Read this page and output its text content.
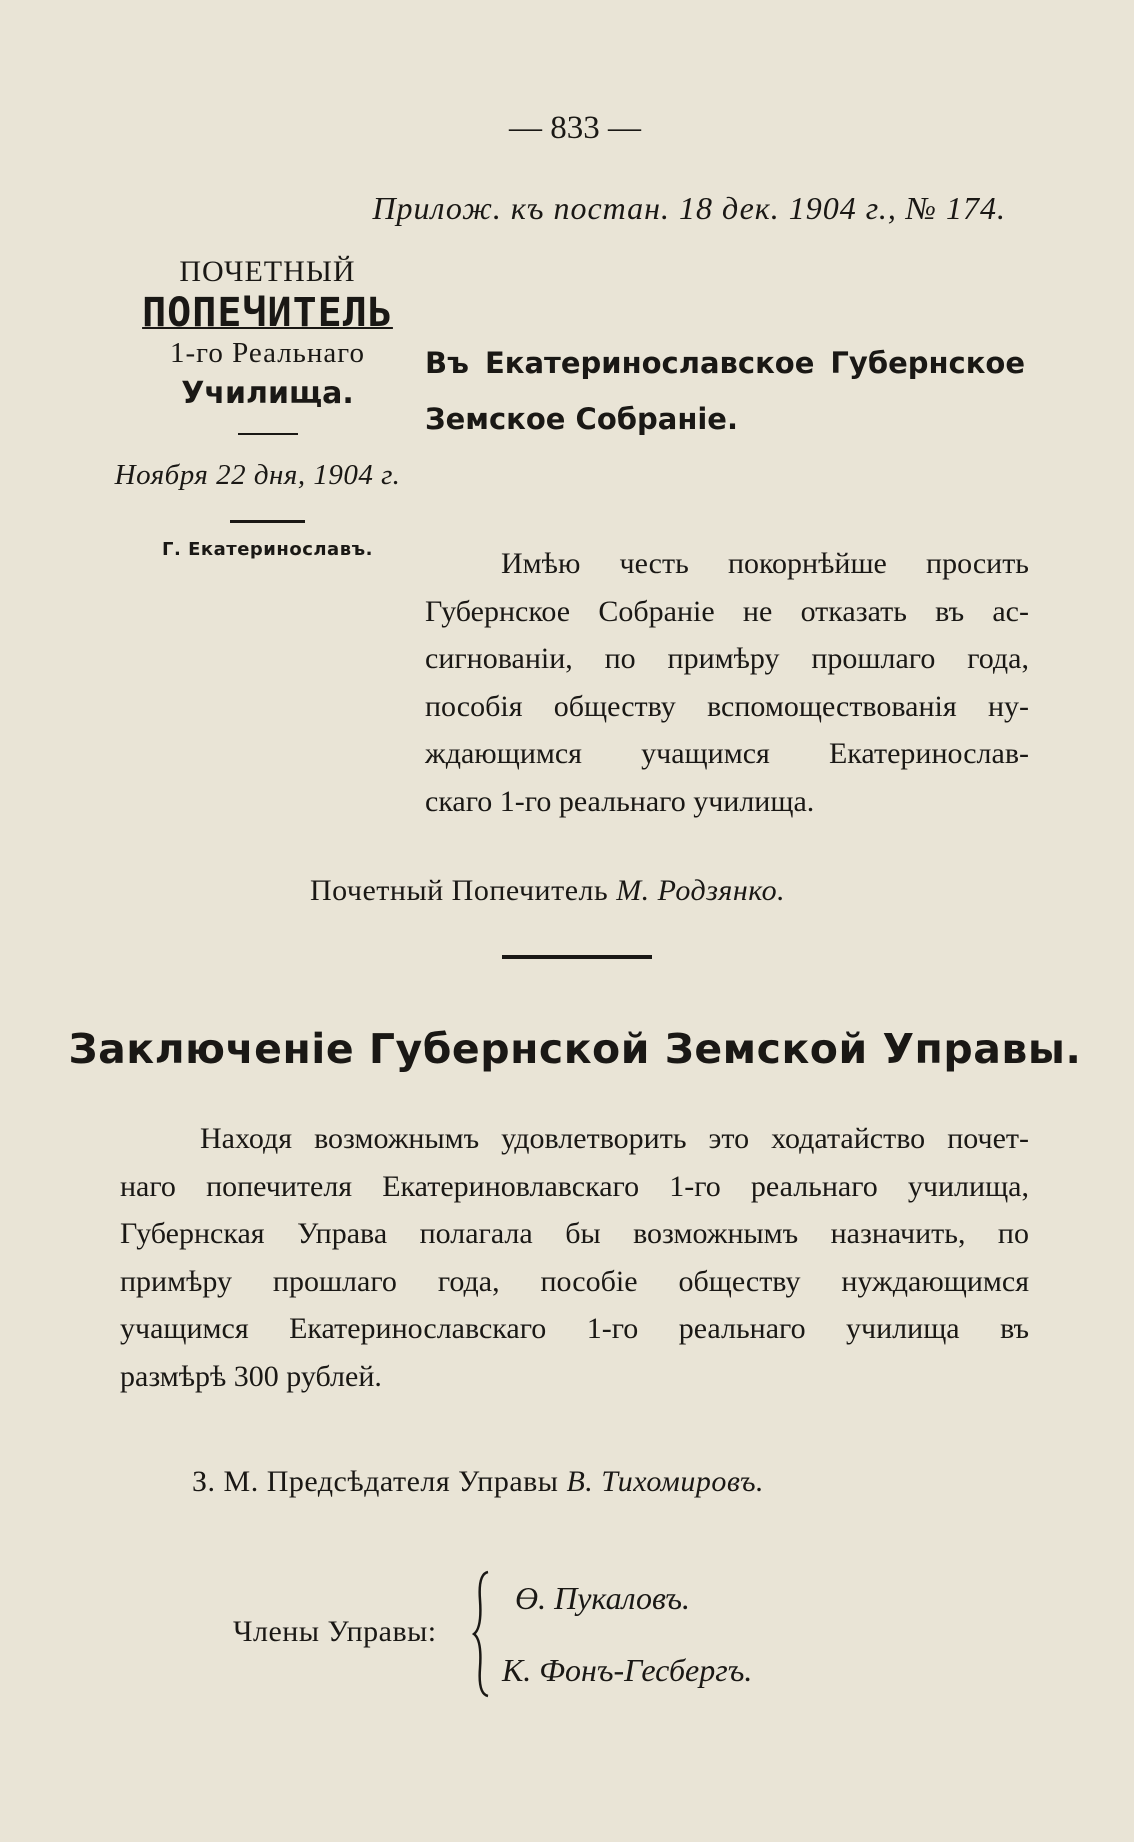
— 833 —
Прилож. къ постан. 18 дек. 1904 г., № 174.
ПОЧЕТНЫЙ
ПОПЕЧИТЕЛЬ
1-го Реальнаго
Училища.
Ноября 22 дня, 1904 г.
Г. Екатеринославъ.
Въ Екатеринославское Губернское
Земское Собраніе.
Имѣю честь покорнѣйше просить
Губернское Собраніе не отказать въ ас-
сигнованіи, по примѣру прошлаго года,
пособія обществу вспомоществованія ну-
ждающимся учащимся Екатеринослав-
скаго 1-го реальнаго училища.
Почетный Попечитель М. Родзянко.
Заключеніе Губернской Земской Управы.
Находя возможнымъ удовлетворить это ходатайство почет-
наго попечителя Екатериновлавскаго 1-го реальнаго училища,
Губернская Управа полагала бы возможнымъ назначить, по
примѣру прошлаго года, пособіе обществу нуждающимся
учащимся Екатеринославскаго 1-го реальнаго училища въ
размѣрѣ 300 рублей.
З. М. Предсѣдателя Управы В. Тихомировъ.
Члены Управы:
Ө. Пукаловъ.
К. Фонъ-Гесбергъ.
